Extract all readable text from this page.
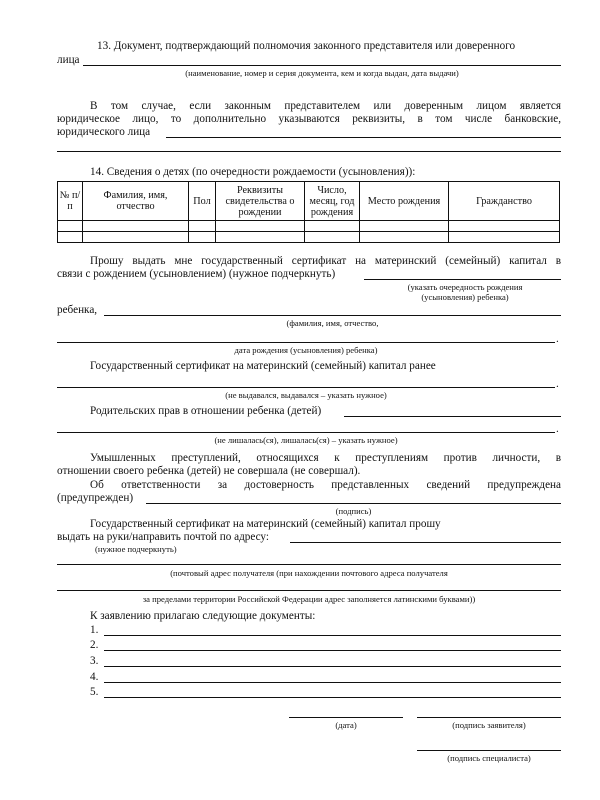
13. Документ, подтверждающий полномочия законного представителя или доверенного
лица
(наименование, номер и серия документа, кем и когда выдан, дата выдачи)
В том случае, если законным представителем или доверенным лицом является
юридическое лицо, то дополнительно указываются реквизиты, в том числе банковские,
юридического лица
14. Сведения о детях (по очередности рождаемости (усыновления)):
№ п/п	Фамилия, имя, отчество	Пол	Реквизиты свидетельства о рождении	Число, месяц, год рождения	Место рождения	Гражданство

Прошу выдать мне государственный сертификат на материнский (семейный) капитал в
связи с рождением (усыновлением) (нужное подчеркнуть)
(указать очередность рождения
(усыновления) ребенка)
ребенка,
(фамилия, имя, отчество,
.
дата рождения (усыновления) ребенка)
Государственный сертификат на материнский (семейный) капитал ранее
.
(не выдавался, выдавался – указать нужное)
Родительских прав в отношении ребенка (детей)
.
(не лишалась(ся), лишалась(ся) – указать нужное)
Умышленных преступлений, относящихся к преступлениям против личности, в
отношении своего ребенка (детей) не совершала (не совершал).
Об ответственности за достоверность представленных сведений предупреждена
(предупрежден)
(подпись)
Государственный сертификат на материнский (семейный) капитал прошу
выдать на руки/направить почтой по адресу:
(нужное подчеркнуть)
(почтовый адрес получателя (при нахождении почтового адреса получателя
за пределами территории Российской Федерации адрес заполняется латинскими буквами))
К заявлению прилагаю следующие документы:
1.
2.
3.
4.
5.
(дата)	(подпись заявителя)
(подпись специалиста)
